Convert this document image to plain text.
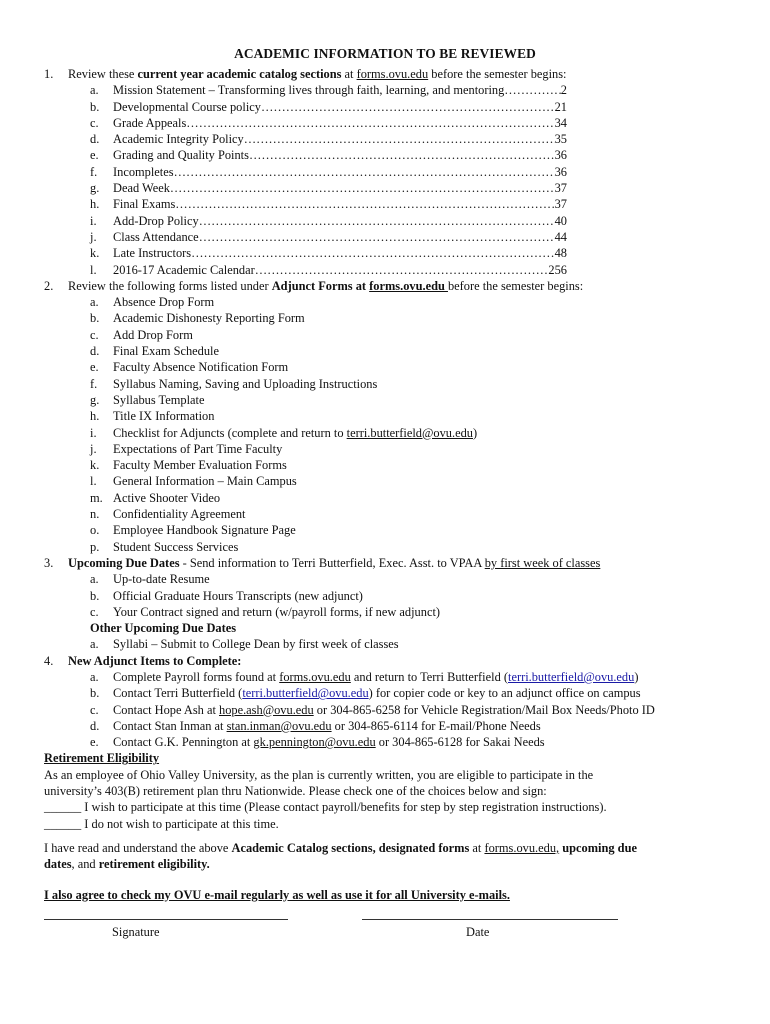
ACADEMIC INFORMATION TO BE REVIEWED
1. Review these current year academic catalog sections at forms.ovu.edu before the semester begins:
a. Mission Statement – Transforming lives through faith, learning, and mentoring …………………………………………………………………………………………………………………………………………………………	2
b. Developmental Course policy …………………………………………………………………………………………………………………………………………………………	21
c. Grade Appeals …………………………………………………………………………………………………………………………………………………………	34
d. Academic Integrity Policy …………………………………………………………………………………………………………………………………………………………	35
e. Grading and Quality Points …………………………………………………………………………………………………………………………………………………………	36
f. Incompletes …………………………………………………………………………………………………………………………………………………………	36
g. Dead Week …………………………………………………………………………………………………………………………………………………………	37
h. Final Exams …………………………………………………………………………………………………………………………………………………………	37
i. Add-Drop Policy …………………………………………………………………………………………………………………………………………………………	40
j. Class Attendance …………………………………………………………………………………………………………………………………………………………	44
k. Late Instructors …………………………………………………………………………………………………………………………………………………………	48
l. 2016-17 Academic Calendar …………………………………………………………………………………………………………………………………………………………	256
2. Review the following forms listed under Adjunct Forms at forms.ovu.edu before the semester begins:
a. Absence Drop Form
b. Academic Dishonesty Reporting Form
c. Add Drop Form
d. Final Exam Schedule
e. Faculty Absence Notification Form
f. Syllabus Naming, Saving and Uploading Instructions
g. Syllabus Template
h. Title IX Information
i. Checklist for Adjuncts (complete and return to terri.butterfield@ovu.edu)
j. Expectations of Part Time Faculty
k. Faculty Member Evaluation Forms
l. General Information – Main Campus
m. Active Shooter Video
n. Confidentiality Agreement
o. Employee Handbook Signature Page
p. Student Success Services
3. Upcoming Due Dates - Send information to Terri Butterfield, Exec. Asst. to VPAA by first week of classes
a. Up-to-date Resume
b. Official Graduate Hours Transcripts (new adjunct)
c. Your Contract signed and return (w/payroll forms, if new adjunct)
Other Upcoming Due Dates
a. Syllabi – Submit to College Dean by first week of classes
4. New Adjunct Items to Complete:
a. Complete Payroll forms found at forms.ovu.edu and return to Terri Butterfield (terri.butterfield@ovu.edu)
b. Contact Terri Butterfield (terri.butterfield@ovu.edu) for copier code or key to an adjunct office on campus
c. Contact Hope Ash at hope.ash@ovu.edu or 304-865-6258 for Vehicle Registration/Mail Box Needs/Photo ID
d. Contact Stan Inman at stan.inman@ovu.edu or 304-865-6114 for E-mail/Phone Needs
e. Contact G.K. Pennington at gk.pennington@ovu.edu or 304-865-6128 for Sakai Needs
Retirement Eligibility
As an employee of Ohio Valley University, as the plan is currently written, you are eligible to participate in the
university’s 403(B) retirement plan thru Nationwide. Please check one of the choices below and sign:
______ I wish to participate at this time (Please contact payroll/benefits for step by step registration instructions).
______ I do not wish to participate at this time.
I have read and understand the above Academic Catalog sections, designated forms at forms.ovu.edu, upcoming due
dates, and retirement eligibility.
I also agree to check my OVU e-mail regularly as well as use it for all University e-mails.
Signature	Date
